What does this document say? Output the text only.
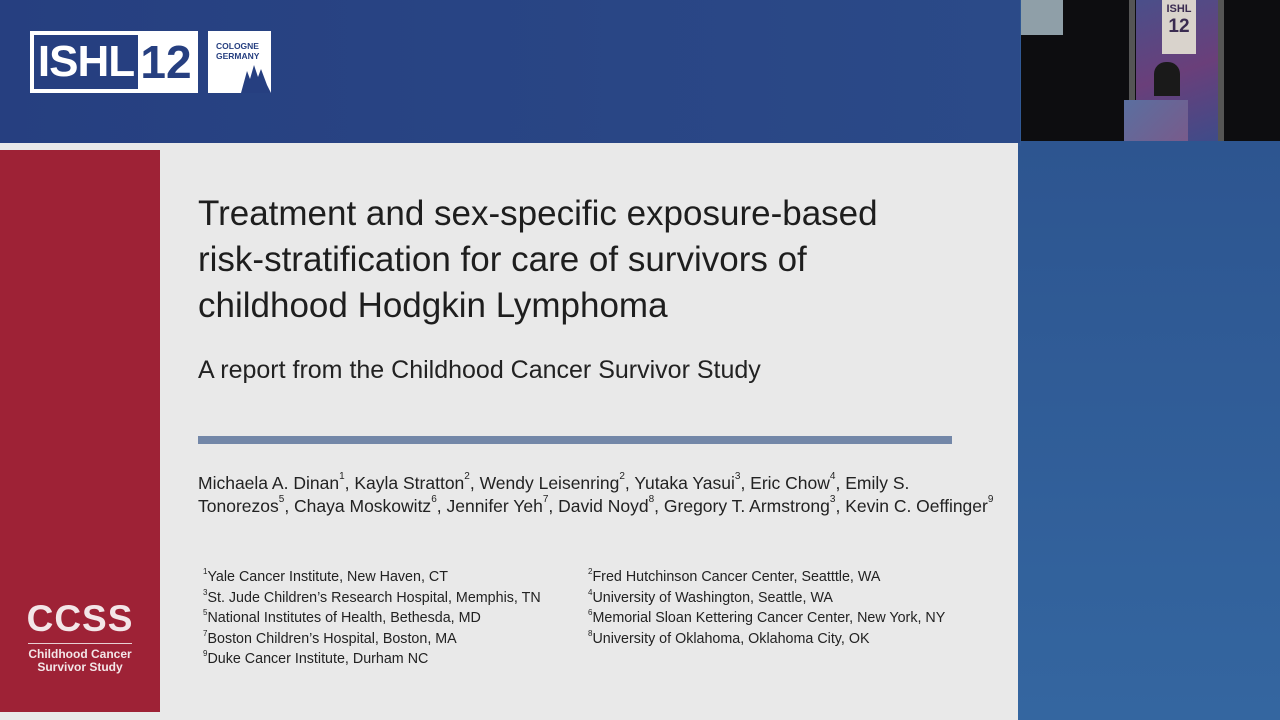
ISHL 12	COLOGNE
GERMANY
ISHL
12
CCSS
Childhood Cancer
Survivor Study
Treatment and sex-specific exposure-based
risk-stratification for care of survivors of
childhood Hodgkin Lymphoma
A report from the Childhood Cancer Survivor Study
Michaela A. Dinan$^1$, Kayla Stratton$^2$, Wendy Leisenring$^2$, Yutaka Yasui$^3$, Eric Chow$^4$, Emily S. Tonorezos$^5$, Chaya Moskowitz$^6$, Jennifer Yeh$^7$, David Noyd$^8$, Gregory T. Armstrong$^3$, Kevin C. Oeffinger$^9$
$^1$Yale Cancer Institute, New Haven, CT
$^3$St. Jude Children’s Research Hospital, Memphis, TN
$^5$National Institutes of Health, Bethesda, MD
$^7$Boston Children’s Hospital, Boston, MA
$^9$Duke Cancer Institute, Durham NC
$^2$Fred Hutchinson Cancer Center, Seatttle, WA
$^4$University of Washington, Seattle, WA
$^6$Memorial Sloan Kettering Cancer Center, New York, NY
$^8$University of Oklahoma, Oklahoma City, OK
